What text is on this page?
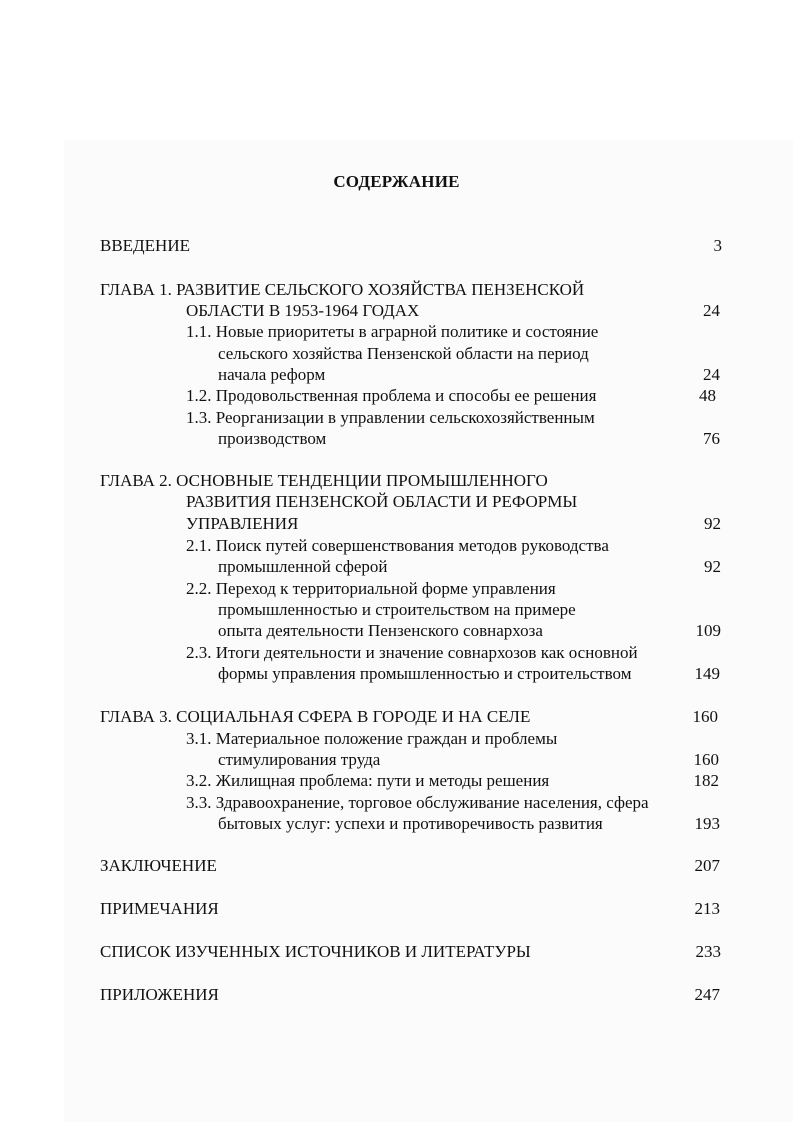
СОДЕРЖАНИЕ
ВВЕДЕНИЕ	3
ГЛАВА 1. РАЗВИТИЕ СЕЛЬСКОГО ХОЗЯЙСТВА ПЕНЗЕНСКОЙ
ОБЛАСТИ В 1953-1964 ГОДАХ	24
1.1. Новые приоритеты в аграрной политике и состояние
сельского хозяйства Пензенской области на период
начала реформ	24
1.2. Продовольственная проблема и способы ее решения	48
1.3. Реорганизации в управлении сельскохозяйственным
производством	76
ГЛАВА 2. ОСНОВНЫЕ ТЕНДЕНЦИИ ПРОМЫШЛЕННОГО
РАЗВИТИЯ ПЕНЗЕНСКОЙ ОБЛАСТИ И РЕФОРМЫ
УПРАВЛЕНИЯ	92
2.1. Поиск путей совершенствования методов руководства
промышленной сферой	92
2.2. Переход к территориальной форме управления
промышленностью и строительством на примере
опыта деятельности Пензенского совнархоза	109
2.3. Итоги деятельности и значение совнархозов как основной
формы управления промышленностью и строительством	149
ГЛАВА 3. СОЦИАЛЬНАЯ СФЕРА В ГОРОДЕ И НА СЕЛЕ	160
3.1. Материальное положение граждан и проблемы
стимулирования труда	160
3.2. Жилищная проблема: пути и методы решения	182
3.3. Здравоохранение, торговое обслуживание населения, сфера
бытовых услуг: успехи и противоречивость развития	193
ЗАКЛЮЧЕНИЕ	207
ПРИМЕЧАНИЯ	213
СПИСОК ИЗУЧЕННЫХ ИСТОЧНИКОВ И ЛИТЕРАТУРЫ	233
ПРИЛОЖЕНИЯ	247
